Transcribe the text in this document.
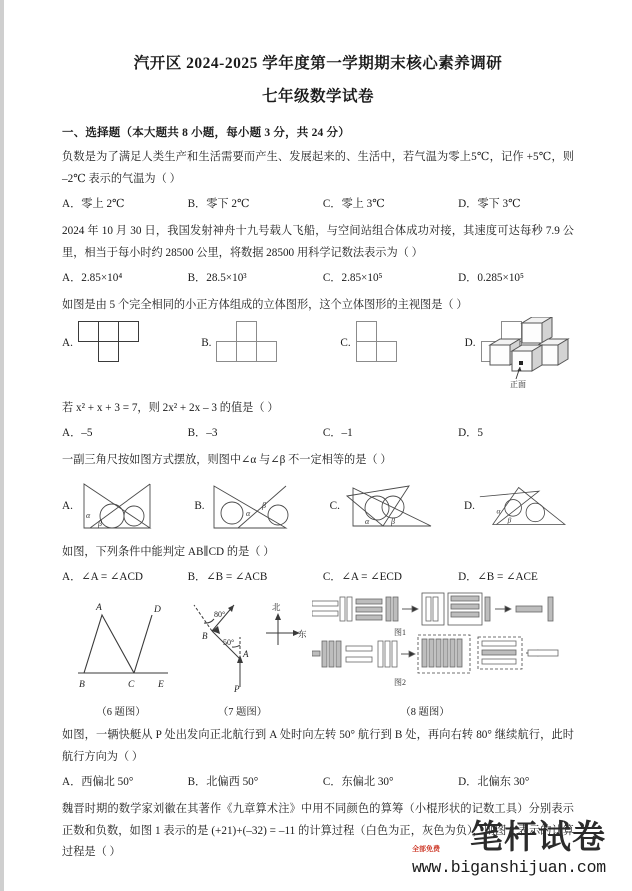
汽开区 2024-2025 学年度第一学期期末核心素养调研
七年级数学试卷
一、选择题（本大题共 8 小题，每小题 3 分，共 24 分）
负数是为了满足人类生产和生活需要而产生、发展起来的、生活中，若气温为零上5℃，记作 +5℃，则 –2℃ 表示的气温为（ ）
A．零上 2℃	B．零下 2℃	C．零上 3℃	D．零下 3℃
2024 年 10 月 30 日，我国发射神舟十九号载人飞船，与空间站组合体成功对接，其速度可达每秒 7.9 公里，相当于每小时约 28500 公里，将数据 28500 用科学记数法表示为（ ）
A．2.85×10⁴	B．28.5×10³	C．2.85×10⁵	D．0.285×10⁵
如图是由 5 个完全相同的小正方体组成的立体图形，这个立体图形的主视图是（ ）
A.	B.	C.	D.
正面
若 x² + x + 3 = 7，则 2x² + 2x – 3 的值是（ ）
A．–5	B．–3	C．–1	D．5
一副三角尺按如图方式摆放，则图中∠α 与∠β 不一定相等的是（ ）
A.
α
β
B.
α
β	C.
α	β
D.	α
β
如图，下列条件中能判定 AB∥CD 的是（ ）
A．∠A = ∠ACD	B．∠B = ∠ACB	C．∠A = ∠ECD	D．∠B = ∠ACE
A	D
B	C E	P
A
B
50°
80°
北
东	图1
图2
（6 题图）	（7 题图）	（8 题图）
如图，一辆快艇从 P 处出发向正北航行到 A 处时向左转 50° 航行到 B 处，再向右转 80° 继续航行，此时航行方向为（ ）
A．西偏北 50°	B．北偏西 50°	C．东偏北 30°	D．北偏东 30°
魏晋时期的数学家刘徽在其著作《九章算术注》中用不同颜色的算筹（小棍形状的记数工具）分别表示正数和负数，如图 1 表示的是 (+21)+(–32) = –11 的计算过程（白色为正，灰色为负），则图 2 表示的计算过程是（ ）	笔杆试卷
全部免费
www.biganshijuan.com
